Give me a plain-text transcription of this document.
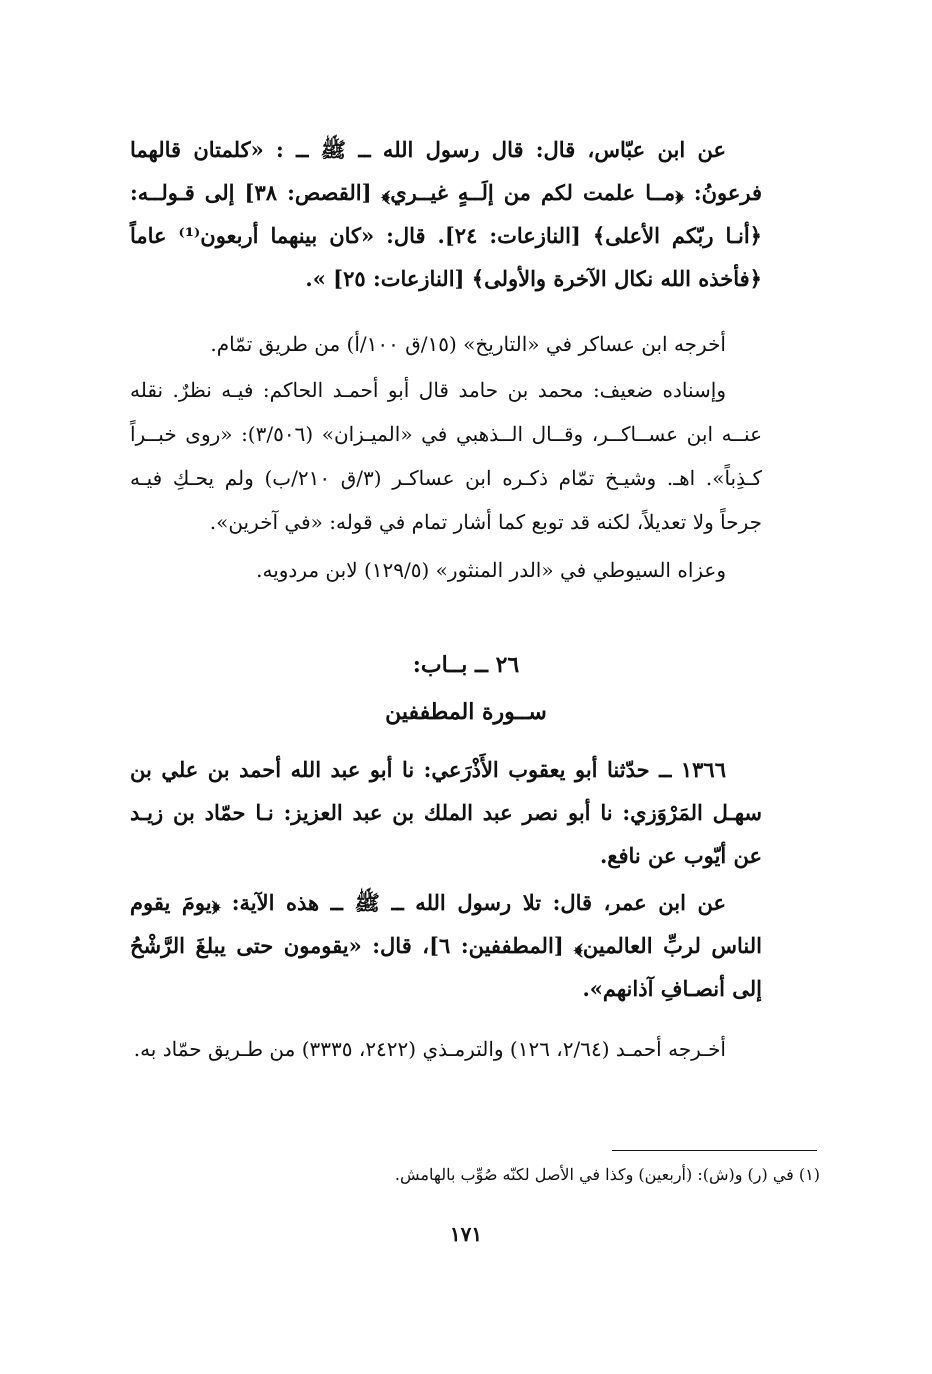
عن ابن عبّاس، قال: قال رسول الله ــ ﷺ ــ : «كلمتان قالهما فرعونُ: ﴿مــا علمت لكم من إلَــهٍ غيــري﴾ [القصص: ٣٨] إلى قـولــه: ﴿أنـا ربّكم الأعلى﴾ [النازعات: ٢٤]. قال: «كان بينهما أربعون⁽¹⁾ عاماً ﴿فأخذه الله نكال الآخرة والأولى﴾ [النازعات: ٢٥] ».

أخرجه ابن عساكر في «التاريخ» (١٥/ق ١٠٠/أ) من طريق تمّام.

وإسناده ضعيف: محمد بن حامد قال أبو أحمـد الحاكم: فيـه نظرٌ. نقله عنــه ابن عســاكــر، وقــال الــذهبي في «الميـزان» (٣/٥٠٦): «روى خبــراً كـذِباً». اهـ. وشيـخ تمّام ذكـره ابن عساكـر (٣/ق ٢١٠/ب) ولم يحـكِ فيـه جرحاً ولا تعديلاً، لكنه قد توبع كما أشار تمام في قوله: «في آخرين».

وعزاه السيوطي في «الدر المنثور» (١٢٩/٥) لابن مردويه.

٢٦ ــ بــاب:
ســورة المطففين

١٣٦٦ ــ حدّثنا أبو يعقوب الأَذْرَعي: نا أبو عبد الله أحمد بن علي بن سهـل المَرْوَزي: نا أبو نصر عبد الملك بن عبد العزيز: نـا حمّاد بن زيـد عن أيّوب عن نافع.

عن ابن عمر، قال: تلا رسول الله ــ ﷺ ــ هذه الآية: ﴿يومَ يقوم الناس لربِّ العالمين﴾ [المطففين: ٦]، قال: «يقومون حتى يبلغَ الرَّشْحُ إلى أنصـافِ آذانهم».

أخـرجه أحمـد (٢/٦٤، ١٢٦) والترمـذي (٢٤٢٢، ٣٣٣٥) من طـريق حمّاد به.

(١) في (ر) و(ش): (أربعين) وكذا في الأصل لكنّه صُوِّب بالهامش.
١٧١
